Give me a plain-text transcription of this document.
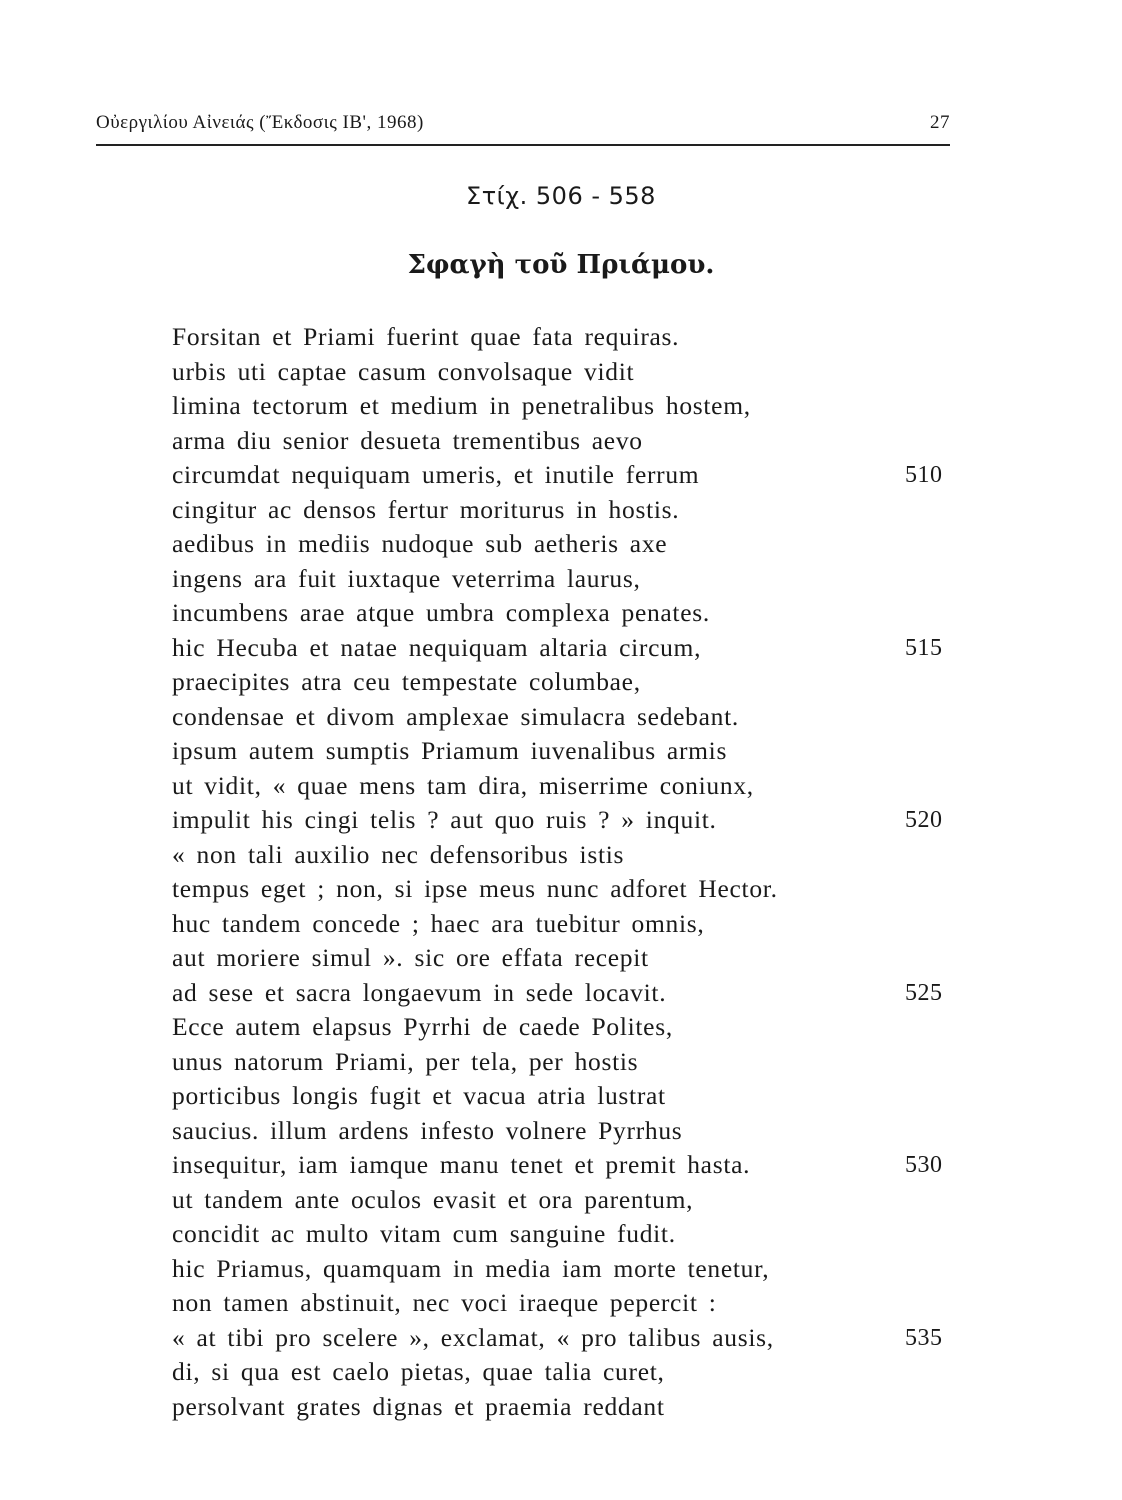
Οὐεργιλίου Αἰνειάς (Ἔκδοσις ΙΒ', 1968)	27
Στίχ. 506 - 558
Σφαγὴ τοῦ Πριάμου.
Forsitan et Priami fuerint quae fata requiras.
urbis uti captae casum convolsaque vidit
limina tectorum et medium in penetralibus hostem,
arma diu senior desueta trementibus aevo
circumdat nequiquam umeris, et inutile ferrum	510
cingitur ac densos fertur moriturus in hostis.
aedibus in mediis nudoque sub aetheris axe
ingens ara fuit iuxtaque veterrima laurus,
incumbens arae atque umbra complexa penates.
hic Hecuba et natae nequiquam altaria circum,	515
praecipites atra ceu tempestate columbae,
condensae et divom amplexae simulacra sedebant.
ipsum autem sumptis Priamum iuvenalibus armis
ut vidit, « quae mens tam dira, miserrime coniunx,
impulit his cingi telis ? aut quo ruis ? » inquit.	520
« non tali auxilio nec defensoribus istis
tempus eget ; non, si ipse meus nunc adforet Hector.
huc tandem concede ; haec ara tuebitur omnis,
aut moriere simul ». sic ore effata recepit
ad sese et sacra longaevum in sede locavit.	525
Ecce autem elapsus Pyrrhi de caede Polites,
unus natorum Priami, per tela, per hostis
porticibus longis fugit et vacua atria lustrat
saucius. illum ardens infesto volnere Pyrrhus
insequitur, iam iamque manu tenet et premit hasta.	530
ut tandem ante oculos evasit et ora parentum,
concidit ac multo vitam cum sanguine fudit.
hic Priamus, quamquam in media iam morte tenetur,
non tamen abstinuit, nec voci iraeque pepercit :
« at tibi pro scelere », exclamat, « pro talibus ausis,	535
di, si qua est caelo pietas, quae talia curet,
persolvant grates dignas et praemia reddant
